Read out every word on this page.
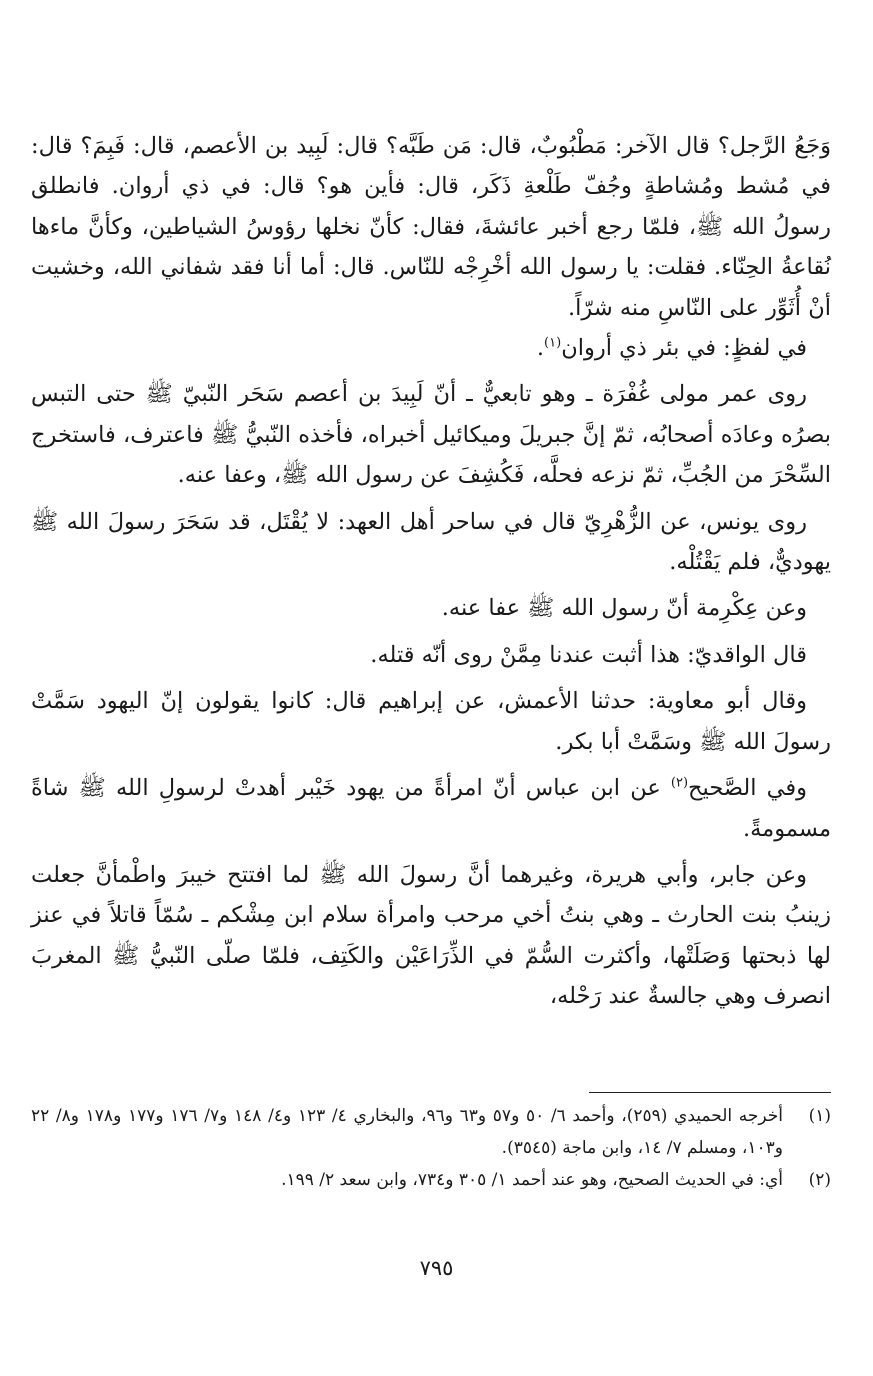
وَجَعُ الرَّجل؟ قال الآخر: مَطْبُوبٌ، قال: مَن طَبَّه؟ قال: لَبِيد بن الأعصم، قال: فَبِمَ؟ قال: في مُشط ومُشاطةٍ وجُفّ طَلْعةِ ذَكَر، قال: فأين هو؟ قال: في ذي أروان. فانطلق رسولُ الله ﷺ، فلمّا رجع أخبر عائشةَ، فقال: كأنّ نخلها رؤوسُ الشياطين، وكأنَّ ماءها نُقاعةُ الحِنّاء. فقلت: يا رسول الله أخْرِجْه للنّاس. قال: أما أنا فقد شفاني الله، وخشيت أنْ أُثَوِّر على النّاسِ منه شرّاً.

في لفظٍ: في بئر ذي أروان$^{(١)}$.

روى عمر مولى غُفْرَة ـ وهو تابعيٌّ ـ أنّ لَبِيدَ بن أعصم سَحَر النّبيّ ﷺ حتى التبس بصرُه وعادَه أصحابُه، ثمّ إنَّ جبريلَ وميكائيل أخبراه، فأخذه النّبيُّ ﷺ فاعترف، فاستخرج السِّحْرَ من الجُبِّ، ثمّ نزعه فحلَّه، فَكُشِفَ عن رسول الله ﷺ، وعفا عنه.

روى يونس، عن الزُّهْرِيّ قال في ساحر أهل العهد: لا يُقْتَل، قد سَحَرَ رسولَ الله ﷺ يهوديٌّ، فلم يَقْتُلْه.

وعن عِكْرِمة أنّ رسول الله ﷺ عفا عنه.

قال الواقديّ: هذا أثبت عندنا مِمَّنْ روى أنّه قتله.

وقال أبو معاوية: حدثنا الأعمش، عن إبراهيم قال: كانوا يقولون إنّ اليهود سَمَّتْ رسولَ الله ﷺ وسَمَّتْ أبا بكر.

وفي الصَّحيح$^{(٢)}$ عن ابن عباس أنّ امرأةً من يهود خَيْبر أهدتْ لرسولِ الله ﷺ شاةً مسمومةً.

وعن جابر، وأبي هريرة، وغيرهما أنَّ رسولَ الله ﷺ لما افتتح خيبرَ واطْمأنَّ جعلت زينبُ بنت الحارث ـ وهي بنتُ أخي مرحب وامرأة سلام ابن مِشْكم ـ سُمّاً قاتلاً في عنز لها ذبحتها وَصَلَتْها، وأكثرت السُّمّ في الذِّرَاعَيْن والكَتِف، فلمّا صلّى النّبيُّ ﷺ المغربَ انصرف وهي جالسةٌ عند رَحْله،

(١)
أخرجه الحميدي (٢٥٩)، وأحمد ٦/ ٥٠ و٥٧ و٦٣ و٩٦، والبخاري ٤/ ١٢٣ و٤/ ١٤٨ و٧/ ١٧٦ و١٧٧ و١٧٨ و٨/ ٢٢ و١٠٣، ومسلم ٧/ ١٤، وابن ماجة (٣٥٤٥).
(٢)
أي: في الحديث الصحيح، وهو عند أحمد ١/ ٣٠٥ و٧٣٤، وابن سعد ٢/ ١٩٩.
٧٩٥
